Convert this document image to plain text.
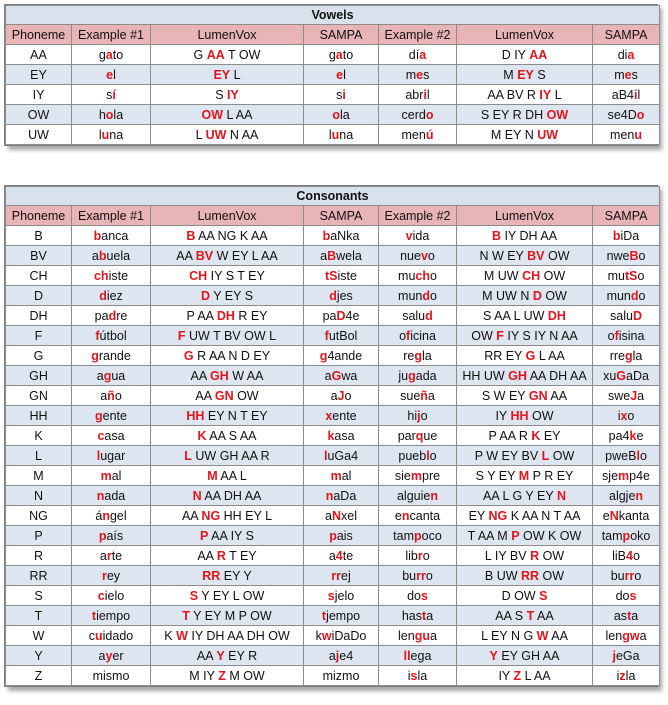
Vowels						
Phoneme	Example #1	LumenVox	SAMPA	Example #2	LumenVox	SAMPA
AA	gato	G AA T OW	gato	día	D IY AA	dia
EY	el	EY L	el	mes	M EY S	mes
IY	sí	S IY	si	abril	AA BV R IY L	aB4il
OW	hola	OW L AA	ola	cerdo	S EY R DH OW	se4Do
UW	luna	L UW N AA	luna	menú	M EY N UW	menu
Consonants						
Phoneme	Example #1	LumenVox	SAMPA	Example #2	LumenVox	SAMPA
B	banca	B AA NG K AA	baNka	vida	B IY DH AA	biDa
BV	abuela	AA BV W EY L AA	aBwela	nuevo	N W EY BV OW	nweBo
CH	chiste	CH IY S T EY	tSiste	mucho	M UW CH OW	mutSo
D	diez	D Y EY S	djes	mundo	M UW N D OW	mundo
DH	padre	P AA DH R EY	paD4e	salud	S AA L UW DH	saluD
F	fútbol	F UW T BV OW L	futBol	oficina	OW F IY S IY N AA	ofisina
G	grande	G R AA N D EY	g4ande	regla	RR EY G L AA	rregla
GH	agua	AA GH W AA	aGwa	jugada	HH UW GH AA DH AA	xuGaDa
GN	año	AA GN OW	aJo	sueña	S W EY GN AA	sweJa
HH	gente	HH EY N T EY	xente	hijo	IY HH OW	ixo
K	casa	K AA S AA	kasa	parque	P AA R K EY	pa4ke
L	lugar	L UW GH AA R	luGa4	pueblo	P W EY BV L OW	pweBlo
M	mal	M AA L	mal	siempre	S Y EY M P R EY	sjemp4e
N	nada	N AA DH AA	naDa	alguien	AA L G Y EY N	algjen
NG	ángel	AA NG HH EY L	aNxel	encanta	EY NG K AA N T AA	eNkanta
P	país	P AA IY S	pais	tampoco	T AA M P OW K OW	tampoko
R	arte	AA R T EY	a4te	libro	L IY BV R OW	liB4o
RR	rey	RR EY Y	rrej	burro	B UW RR OW	burro
S	cielo	S Y EY L OW	sjelo	dos	D OW S	dos
T	tiempo	T Y EY M P OW	tjempo	hasta	AA S T AA	asta
W	cuidado	K W IY DH AA DH OW	kwiDaDo	lengua	L EY N G W AA	lengwa
Y	ayer	AA Y EY R	aje4	llega	Y EY GH AA	jeGa
Z	mismo	M IY Z M OW	mizmo	isla	IY Z L AA	izla
